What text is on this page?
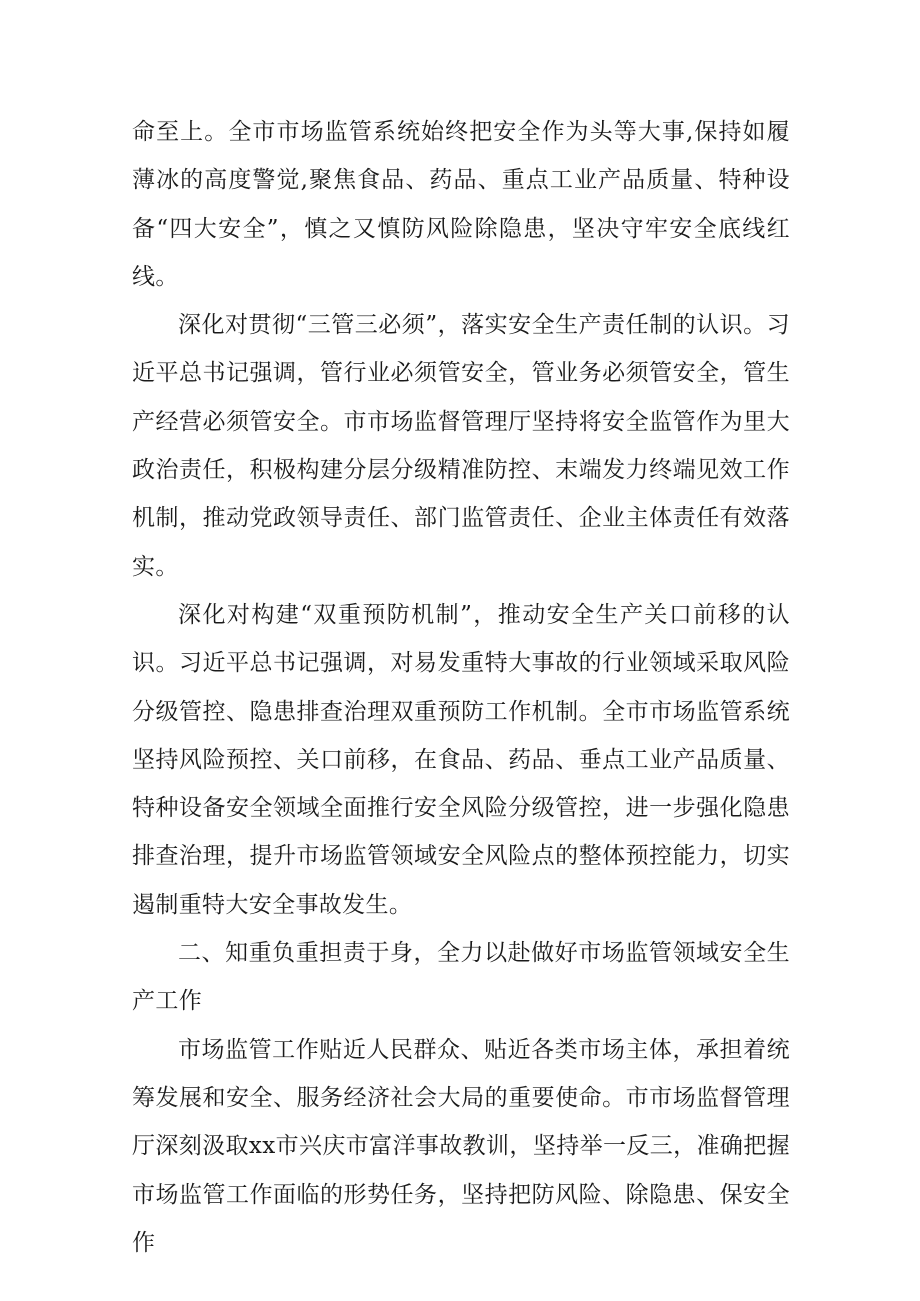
命至上。全市市场监管系统始终把安全作为头等大事,保持如履薄冰的高度警觉,聚焦食品、药品、重点工业产品质量、特种设备“四大安全”，慎之又慎防风险除隐患，坚决守牢安全底线红线。

深化对贯彻“三管三必须”，落实安全生产责任制的认识。习近平总书记强调，管行业必须管安全，管业务必须管安全，管生产经营必须管安全。市市场监督管理厅坚持将安全监管作为里大政治责任，积极构建分层分级精准防控、末端发力终端见效工作机制，推动党政领导责任、部门监管责任、企业主体责任有效落实。

深化对构建“双重预防机制”，推动安全生产关口前移的认识。习近平总书记强调，对易发重特大事故的行业领域采取风险分级管控、隐患排查治理双重预防工作机制。全市市场监管系统坚持风险预控、关口前移，在食品、药品、垂点工业产品质量、特种设备安全领域全面推行安全风险分级管控，进一步强化隐患排查治理，提升市场监管领域安全风险点的整体预控能力，切实遏制重特大安全事故发生。

二、知重负重担责于身，全力以赴做好市场监管领域安全生产工作

市场监管工作贴近人民群众、贴近各类市场主体，承担着统筹发展和安全、服务经济社会大局的重要使命。市市场监督管理厅深刻汲取xx市兴庆市富洋事故教训，坚持举一反三，准确把握市场监管工作面临的形势任务，坚持把防风险、除隐患、保安全作
